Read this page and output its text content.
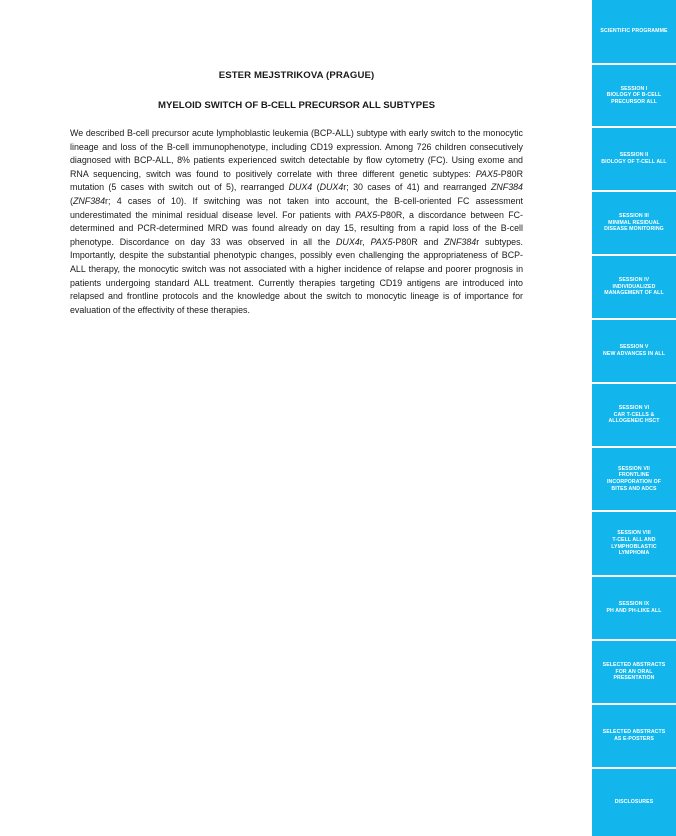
ESTER MEJSTRIKOVA (PRAGUE)
MYELOID SWITCH OF B-CELL PRECURSOR ALL SUBTYPES
We described B-cell precursor acute lymphoblastic leukemia (BCP-ALL) subtype with early switch to the monocytic lineage and loss of the B-cell immunophenotype, including CD19 expression. Among 726 children consecutively diagnosed with BCP-ALL, 8% patients experienced switch detectable by flow cytometry (FC). Using exome and RNA sequencing, switch was found to positively correlate with three different genetic subtypes: PAX5-P80R mutation (5 cases with switch out of 5), rearranged DUX4 (DUX4r; 30 cases of 41) and rearranged ZNF384 (ZNF384r; 4 cases of 10). If switching was not taken into account, the B-cell-oriented FC assessment underestimated the minimal residual disease level. For patients with PAX5-P80R, a discordance between FC-determined and PCR-determined MRD was found already on day 15, resulting from a rapid loss of the B-cell phenotype. Discordance on day 33 was observed in all the DUX4r, PAX5-P80R and ZNF384r subtypes. Importantly, despite the substantial phenotypic changes, possibly even challenging the appropriateness of BCP-ALL therapy, the monocytic switch was not associated with a higher incidence of relapse and poorer prognosis in patients undergoing standard ALL treatment. Currently therapies targeting CD19 antigens are introduced into relapsed and frontline protocols and the knowledge about the switch to monocytic lineage is of importance for evaluation of the effectivity of these therapies.
SCIENTIFIC PROGRAMME
SESSION I
BIOLOGY OF B-CELL
PRECURSOR ALL
SESSION II
BIOLOGY OF T-CELL ALL
SESSION III
MINIMAL RESIDUAL
DISEASE MONITORING
SESSION IV
INDIVIDUALIZED
MANAGEMENT OF ALL
SESSION V
NEW ADVANCES IN ALL
SESSION VI
CAR T-CELLS &
ALLOGENEIC HSCT
SESSION VII
FRONTLINE
INCORPORATION OF
BITES AND ADCS
SESSION VIII
T-CELL ALL AND
LYMPHOBLASTIC
LYMPHOMA
SESSION IX
PH AND PH-LIKE ALL
SELECTED ABSTRACTS
FOR AN ORAL
PRESENTATION
SELECTED ABSTRACTS
AS E-POSTERS
DISCLOSURES
